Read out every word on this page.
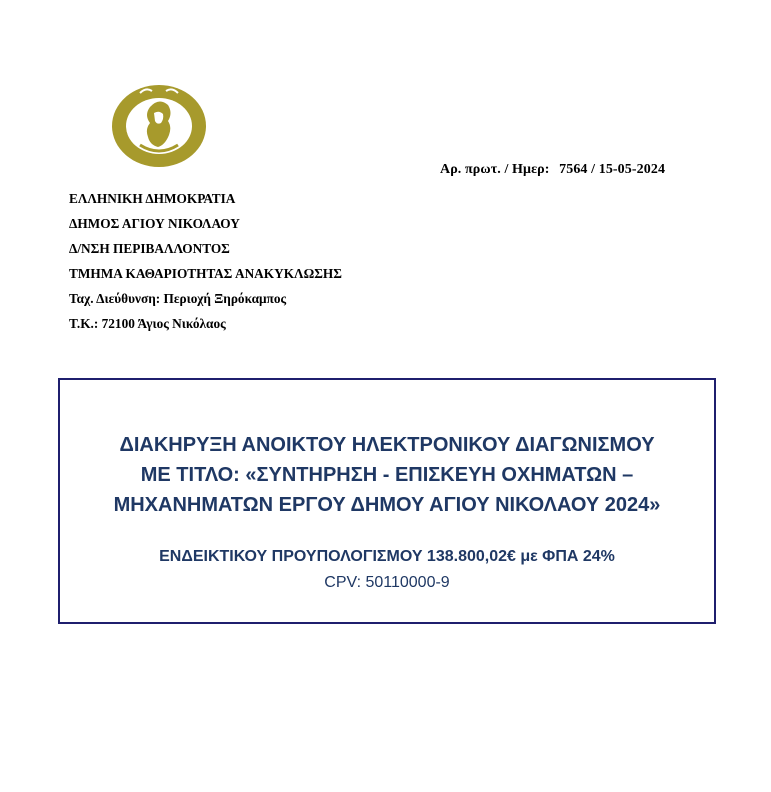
Αρ. πρωτ. / Ημερ: 7564 / 15-05-2024
ΕΛΛΗΝΙΚΗ ΔΗΜΟΚΡΑΤΙΑ
ΔΗΜΟΣ ΑΓΙΟΥ ΝΙΚΟΛΑΟΥ
Δ/ΝΣΗ ΠΕΡΙΒΑΛΛΟΝΤΟΣ
ΤΜΗΜΑ ΚΑΘΑΡΙΟΤΗΤΑΣ ΑΝΑΚΥΚΛΩΣΗΣ
Ταχ. Διεύθυνση: Περιοχή Ξηρόκαμπος
Τ.Κ.: 72100 Άγιος Νικόλαος
ΔΙΑΚΗΡΥΞΗ ΑΝΟΙΚΤΟΥ ΗΛΕΚΤΡΟΝΙΚΟΥ ΔΙΑΓΩΝΙΣΜΟΥ
ΜΕ ΤΙΤΛΟ: «ΣΥΝΤΗΡΗΣΗ - ΕΠΙΣΚΕΥΗ ΟΧΗΜΑΤΩΝ –
ΜΗΧΑΝΗΜΑΤΩΝ ΕΡΓΟΥ ΔΗΜΟΥ ΑΓΙΟΥ ΝΙΚΟΛΑΟΥ 2024»
ΕΝΔΕΙΚΤΙΚΟΥ ΠΡΟΥΠΟΛΟΓΙΣΜΟΥ 138.800,02€ με ΦΠΑ 24%
CPV: 50110000-9
